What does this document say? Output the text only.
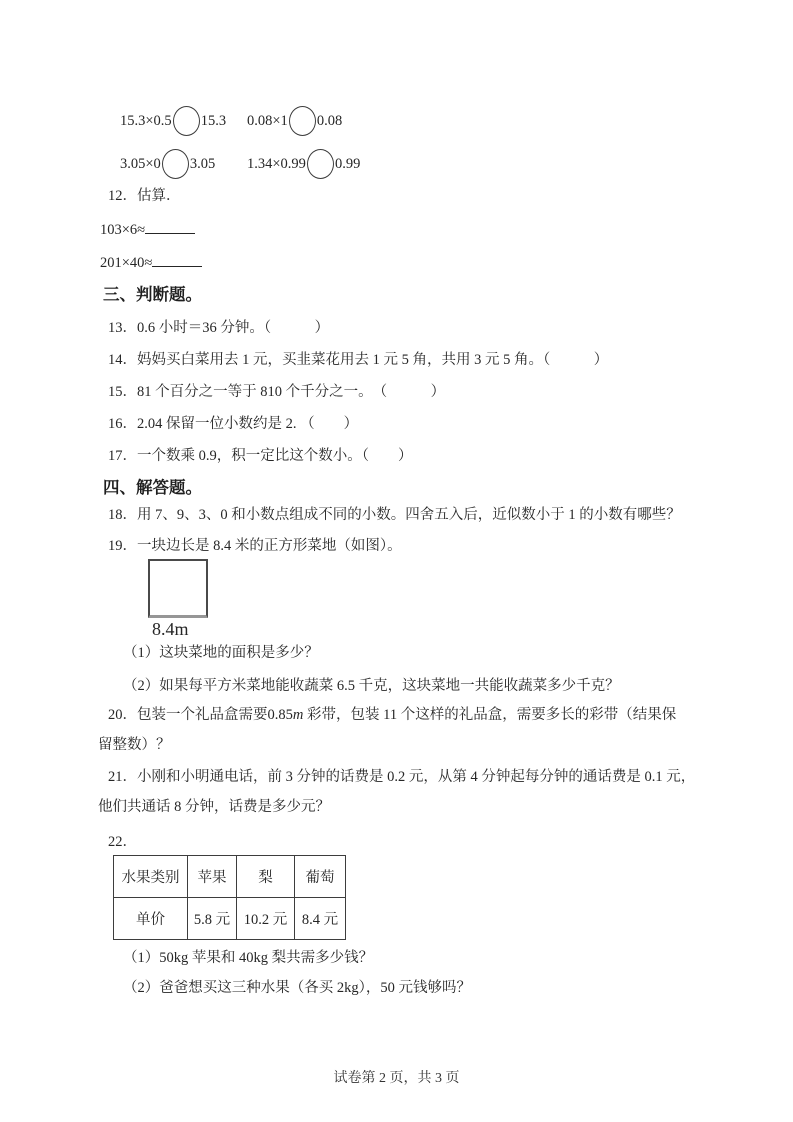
15.3×0.5 15.3 0.08×1 0.08
3.05×0 3.05 1.34×0.99 0.99
12．估算．
103×6≈
201×40≈
三、判断题。
13．0.6 小时＝36 分钟。（　　　）
14．妈妈买白菜用去 1 元，买韭菜花用去 1 元 5 角，共用 3 元 5 角。（　　　）
15．81 个百分之一等于 810 个千分之一。　（　　　）
16．2.04 保留一位小数约是 2. （　　）
17．一个数乘 0.9，积一定比这个数小。（　　）
四、解答题。
18．用 7、9、3、0 和小数点组成不同的小数。四舍五入后，近似数小于 1 的小数有哪些？
19．一块边长是 8.4 米的正方形菜地（如图）。
8.4m
（1）这块菜地的面积是多少？
（2）如果每平方米菜地能收蔬菜 6.5 千克，这块菜地一共能收蔬菜多少千克？
20．包装一个礼品盒需要0.85m 彩带，包装 11 个这样的礼品盒，需要多长的彩带（结果保
留整数）？
21．小刚和小明通电话，前 3 分钟的话费是 0.2 元，从第 4 分钟起每分钟的通话费是 0.1 元，
他们共通话 8 分钟，话费是多少元？
22．
水果类别	苹果	梨	葡萄
单价	5.8 元	10.2 元	8.4 元
（1）50kg 苹果和 40kg 梨共需多少钱？
（2）爸爸想买这三种水果（各买 2kg），50 元钱够吗？
试卷第 2 页，共 3 页
